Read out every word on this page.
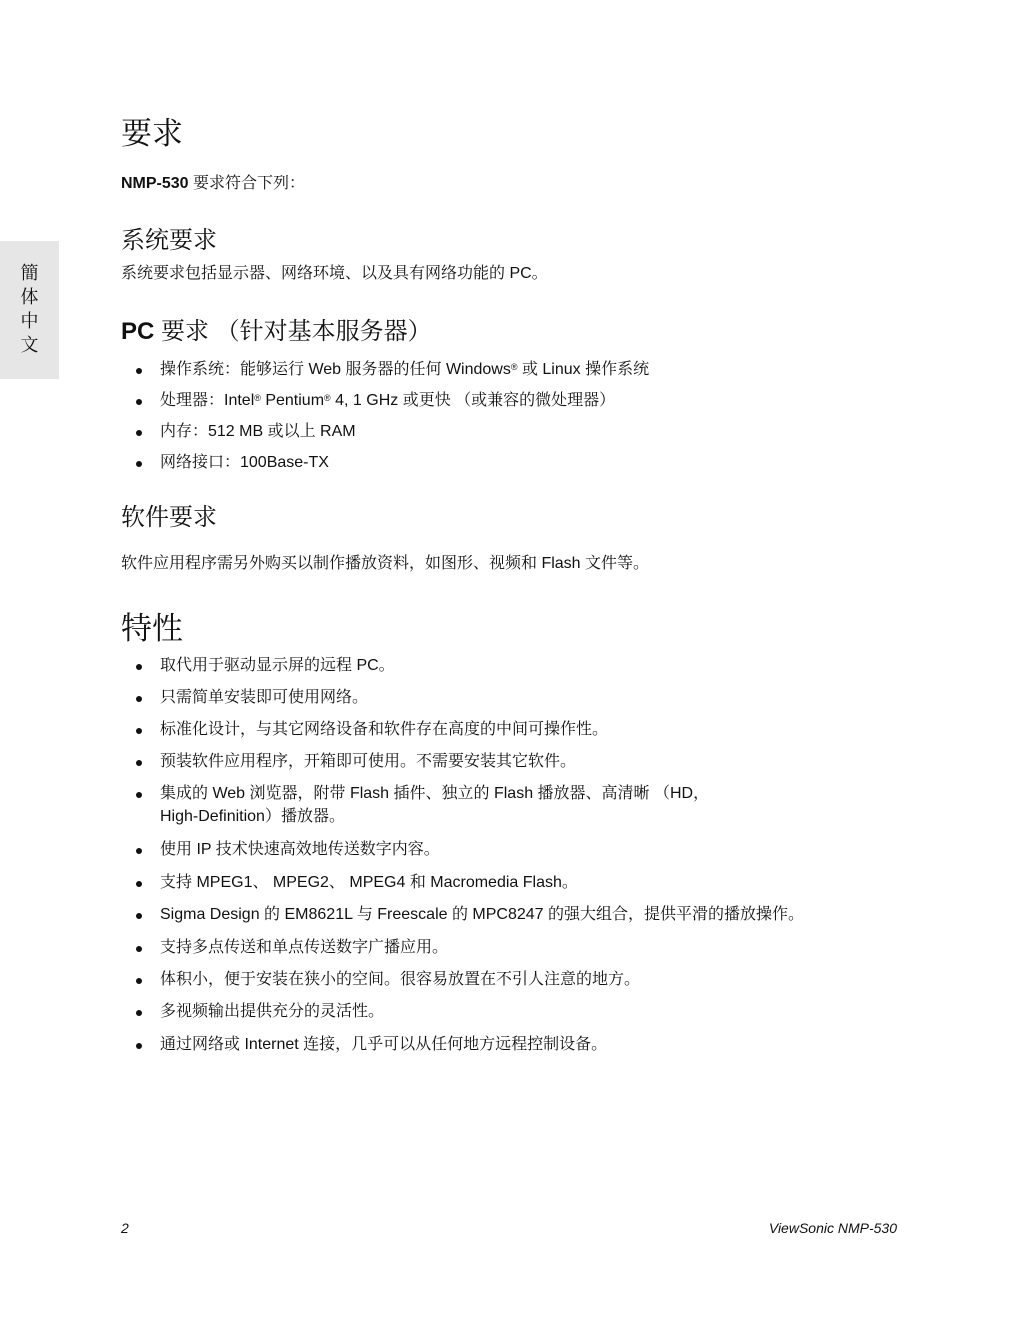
簡
体
中
文
要求

NMP-530 要求符合下列：

系统要求

系统要求包括显示器、网络环境、以及具有网络功能的 PC。

PC 要求 （针对基本服务器）
操作系统：能够运行 Web 服务器的任何 Windows® 或 Linux 操作系统
处理器：Intel® Pentium® 4, 1 GHz 或更快 （或兼容的微处理器）
内存：512 MB 或以上 RAM
网络接口：100Base-TX
软件要求

软件应用程序需另外购买以制作播放资料，如图形、视频和 Flash 文件等。

特性
取代用于驱动显示屏的远程 PC。
只需简单安装即可使用网络。
标准化设计，与其它网络设备和软件存在高度的中间可操作性。
预装软件应用程序，开箱即可使用。不需要安装其它软件。
集成的 Web 浏览器，附带 Flash 插件、独立的 Flash 播放器、高清晰 （HD，
High-Definition）播放器。
使用 IP 技术快速高效地传送数字内容。
支持 MPEG1、 MPEG2、 MPEG4 和 Macromedia Flash。
Sigma Design 的 EM8621L 与 Freescale 的 MPC8247 的强大组合，提供平滑的播放操作。
支持多点传送和单点传送数字广播应用。
体积小，便于安装在狭小的空间。很容易放置在不引人注意的地方。
多视频输出提供充分的灵活性。
通过网络或 Internet 连接，几乎可以从任何地方远程控制设备。
2	ViewSonic NMP-530
